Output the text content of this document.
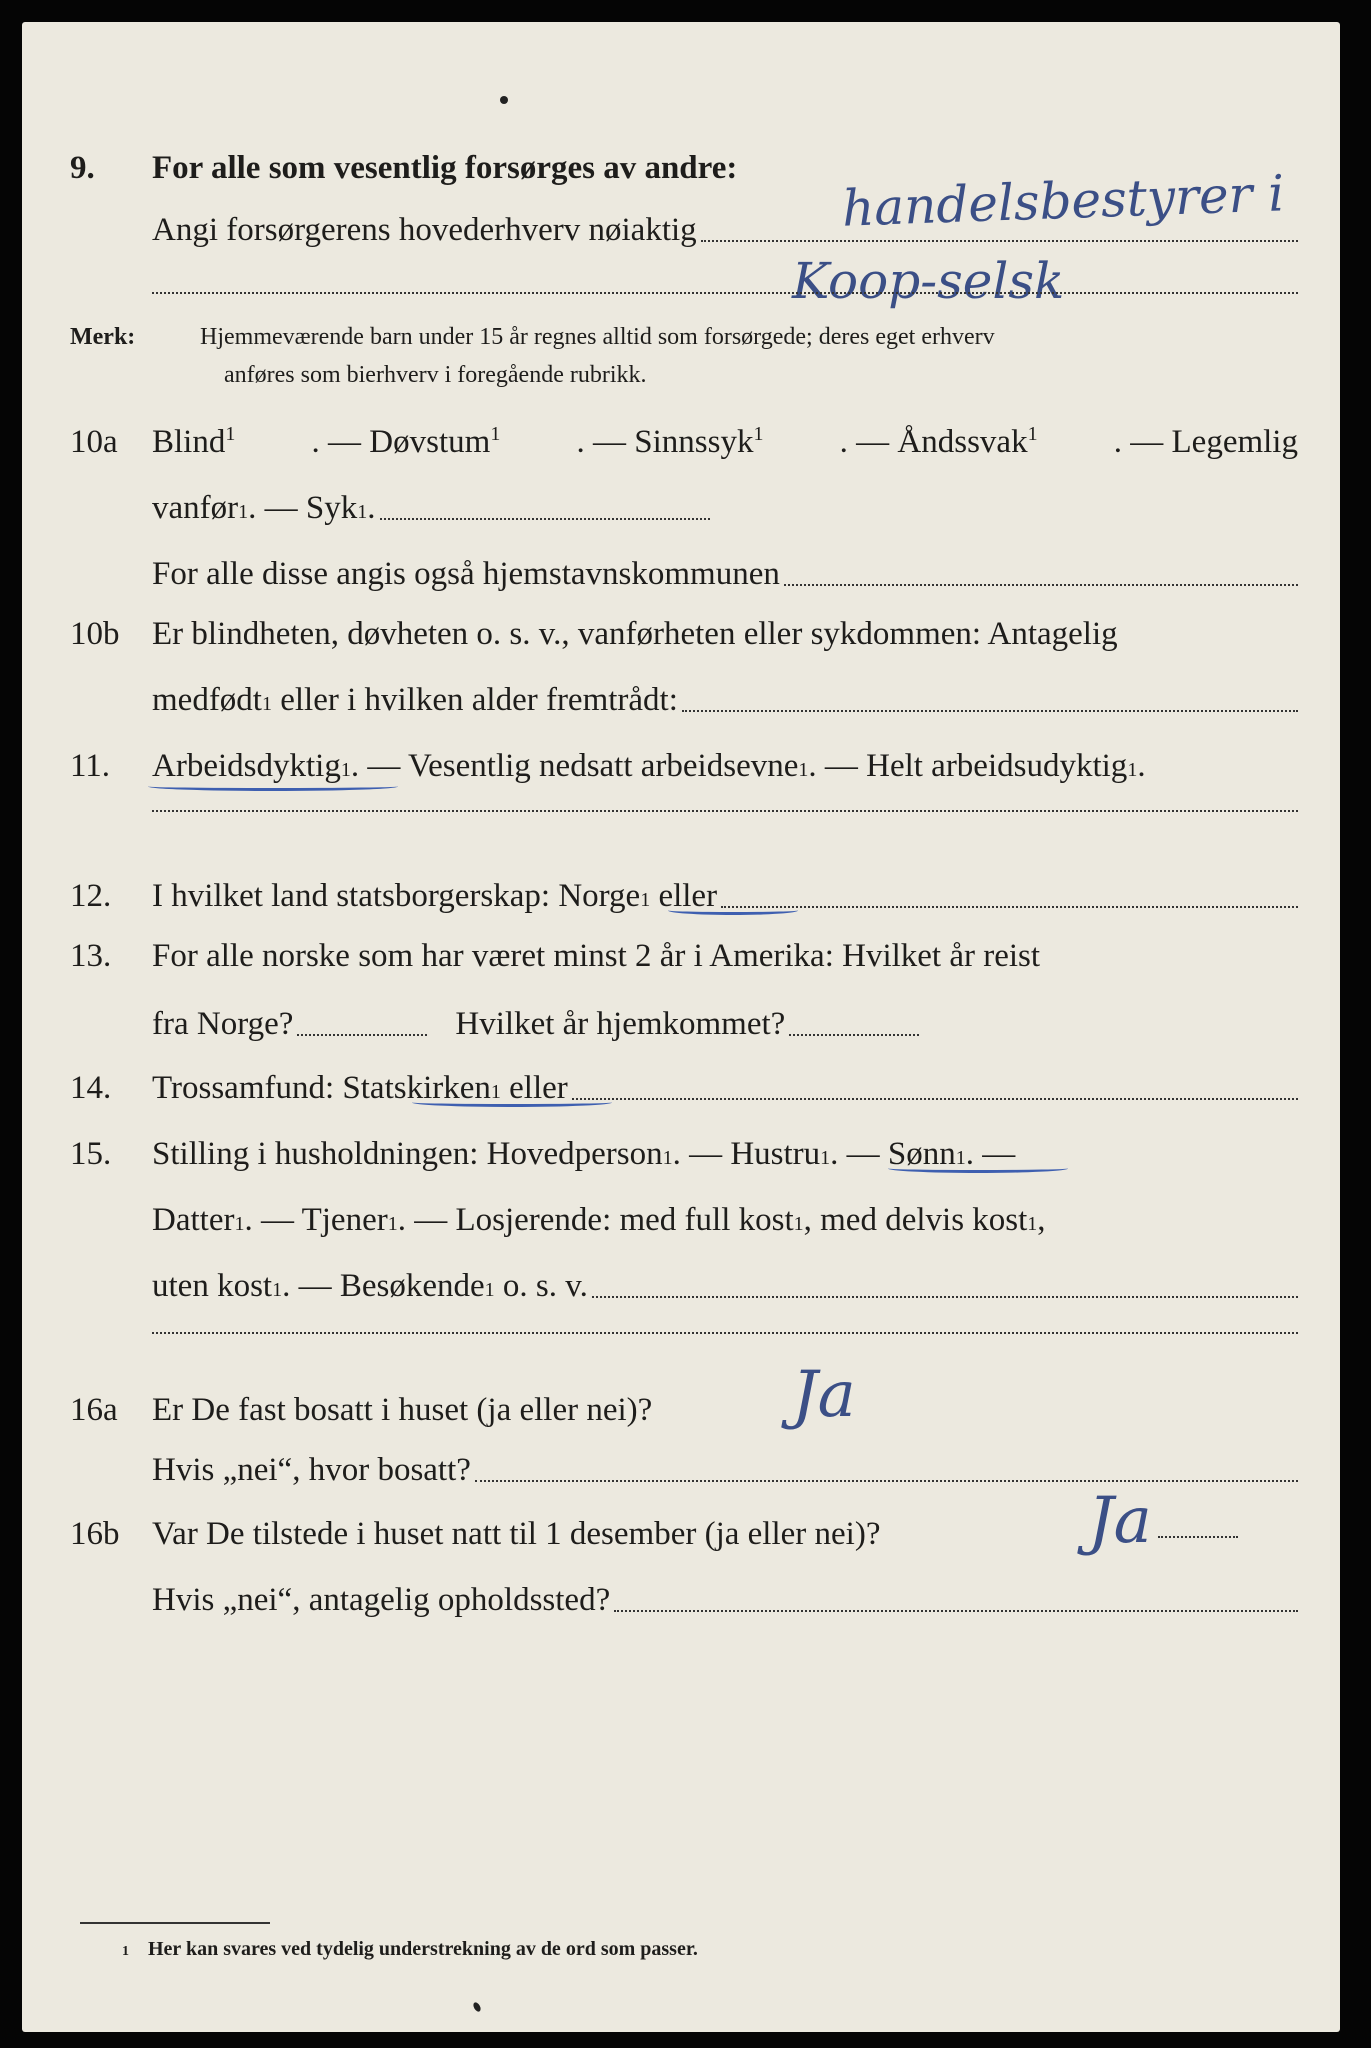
9. For alle som vesentlig forsørges av andre: handelsbestyrer i
Angi forsørgerens hovederhverv nøiaktig
Koop-selsk
Merk:	Hjemmeværende barn under 15 år regnes alltid som forsørgede; deres eget erhverv
anføres som bierhverv i foregående rubrikk.
10a Blind$^1$ . — Døvstum$^1$ . — Sinnssyk$^1$ . — Åndssvak$^1$ . — Legemlig
vanfør 1 . — Syk 1 .
For alle disse angis også hjemstavnskommunen
10b Er blindheten, døvheten o. s. v., vanførheten eller sykdommen: Antagelig
medfødt 1 eller i hvilken alder fremtrådt:
11. Arbeidsdyktig 1 . — Vesentlig nedsatt arbeidsevne 1 . — Helt arbeidsudyktig 1 .
12. I hvilket land statsborgerskap: Norge 1 eller
13. For alle norske som har været minst 2 år i Amerika: Hvilket år reist
fra Norge?	Hvilket år hjemkommet?
14. Trossamfund: Statskirken 1 eller
15. Stilling i husholdningen: Hovedperson 1 . — Hustru 1 . — Sønn 1 . —
Datter 1 . — Tjener 1 . — Losjerende: med full kost 1 , med delvis kost 1 ,
uten kost 1 . — Besøkende 1 o. s. v.
16a Er De fast bosatt i huset (ja eller nei)? Ja
Hvis „nei“, hvor bosatt?
16b Var De tilstede i huset natt til 1 desember (ja eller nei)?	Ja
Hvis „nei“, antagelig opholdssted?
1 Her kan svares ved tydelig understrekning av de ord som passer.
